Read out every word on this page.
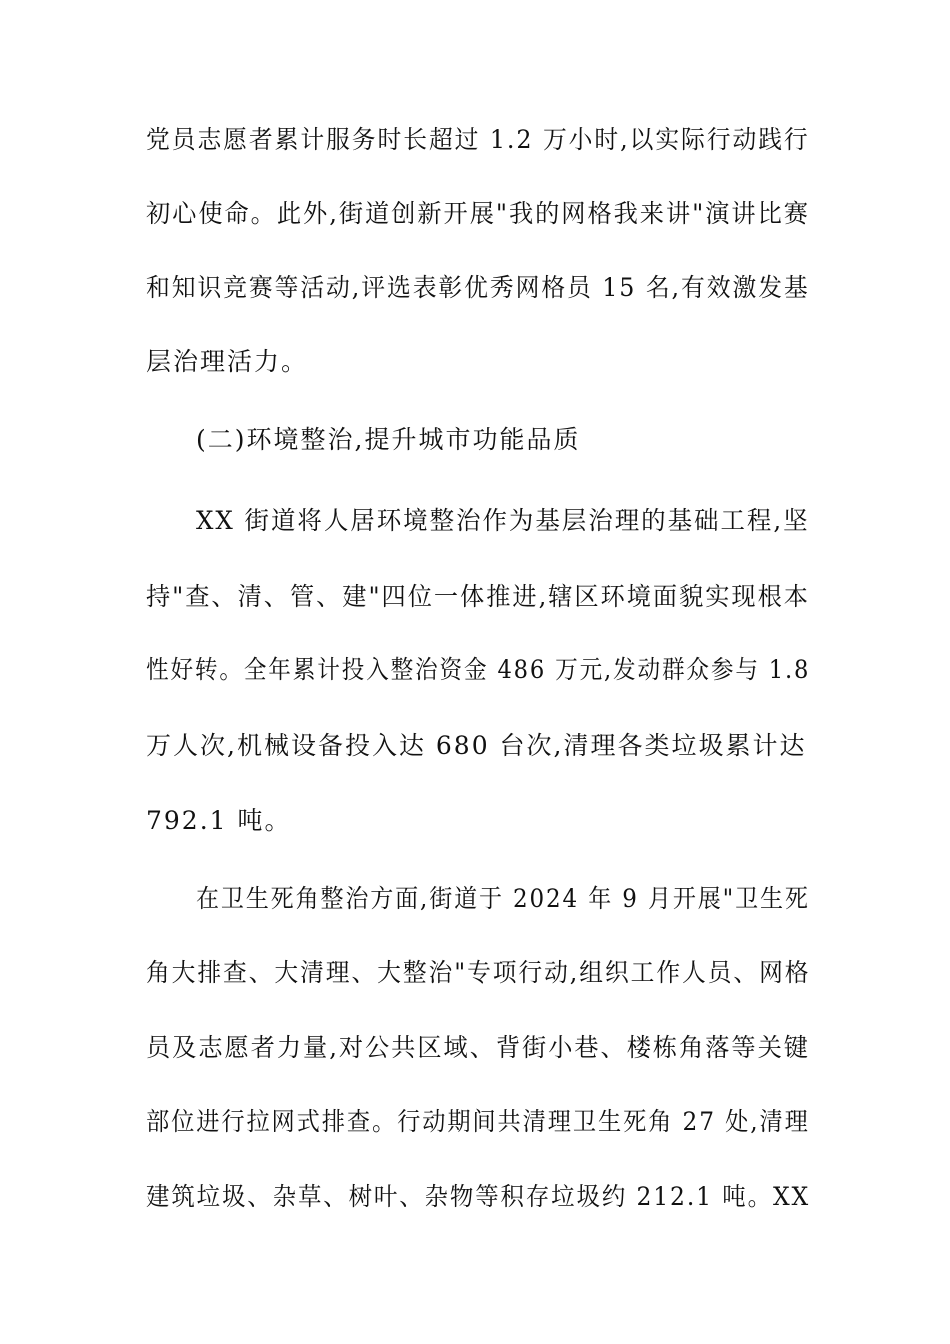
党员志愿者累计服务时长超过 1.2 万小时,以实际行动践行
初心使命。此外,街道创新开展"我的网格我来讲"演讲比赛
和知识竞赛等活动,评选表彰优秀网格员 15 名,有效激发基
层治理活力。
(二)环境整治,提升城市功能品质
XX 街道将人居环境整治作为基层治理的基础工程,坚
持"查、清、管、建"四位一体推进,辖区环境面貌实现根本
性好转。全年累计投入整治资金 486 万元,发动群众参与 1.8
万人次,机械设备投入达 680 台次,清理各类垃圾累计达
792.1 吨。
在卫生死角整治方面,街道于 2024 年 9 月开展"卫生死
角大排查、大清理、大整治"专项行动,组织工作人员、网格
员及志愿者力量,对公共区域、背街小巷、楼栋角落等关键
部位进行拉网式排查。行动期间共清理卫生死角 27 处,清理
建筑垃圾、杂草、树叶、杂物等积存垃圾约 212.1 吨。XX
